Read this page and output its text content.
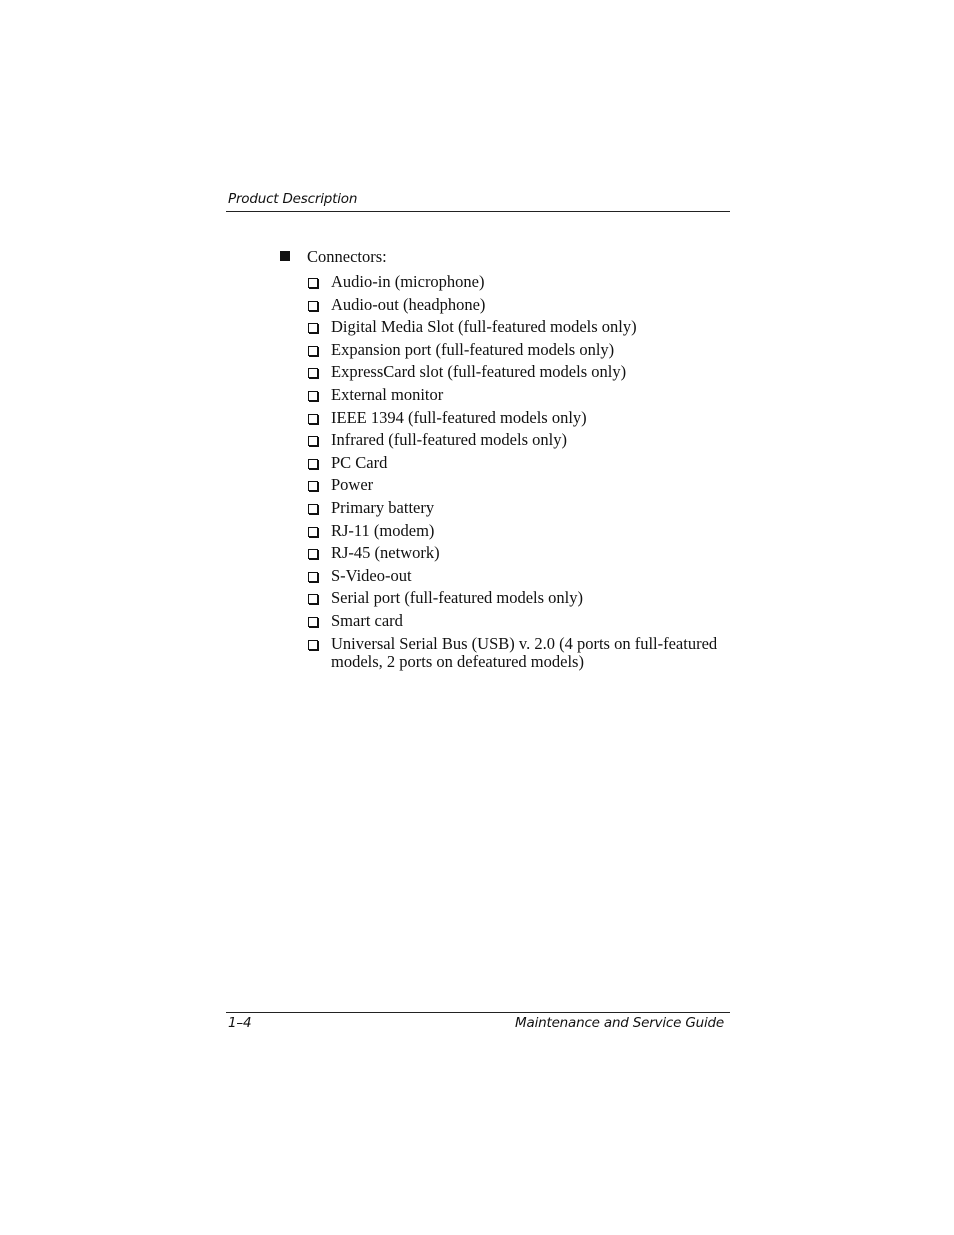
Product Description
Connectors:
Audio-in (microphone)
Audio-out (headphone)
Digital Media Slot (full-featured models only)
Expansion port (full-featured models only)
ExpressCard slot (full-featured models only)
External monitor
IEEE 1394 (full-featured models only)
Infrared (full-featured models only)
PC Card
Power
Primary battery
RJ-11 (modem)
RJ-45 (network)
S-Video-out
Serial port (full-featured models only)
Smart card
Universal Serial Bus (USB) v. 2.0 (4 ports on full-featured models, 2 ports on defeatured models)
1–4	Maintenance and Service Guide
